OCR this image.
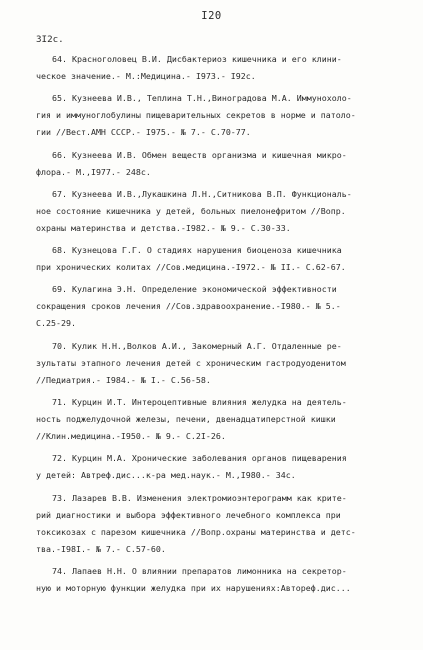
I20
3I2с.
64. Красноголовец В.И. Дисбактериоз кишечника и его клини-
ческое значение.- М.:Медицина.- I973.- I92с.
65. Кузнеева И.В., Теплина Т.Н.,Виноградова М.А. Иммунохоло-
гия и иммуноглобулины пищеварительных секретов в норме и патоло-
гии //Вест.АМН СССР.- I975.- № 7.- С.70-77.
66. Кузнеева И.В. Обмен веществ организма и кишечная микро-
флора.- М.,I977.- 248с.
67. Кузнеева И.В.,Лукашкина Л.Н.,Ситникова В.П. Функциональ-
ное состояние кишечника у детей, больных пиелонефритом //Вопр.
охраны материнства и детства.-I982.- № 9.- С.30-33.
68. Кузнецова Г.Г. О стадиях нарушения биоценоза кишечника
при хронических колитах //Сов.медицина.-I972.- № II.- С.62-67.
69. Кулагина Э.Н. Определение экономической эффективности
сокращения сроков лечения //Сов.здравоохранение.-I980.- № 5.-
С.25-29.
70. Кулик Н.Н.,Волков А.И., Закомерный А.Г. Отдаленные ре-
зультаты этапного лечения детей с хроническим гастродуоденитом
//Педиатрия.- I984.- № I.- С.56-58.
71. Курцин И.Т. Интероцептивные влияния желудка на деятель-
ность поджелудочной железы, печени, двенадцатиперстной кишки
//Клин.медицина.-I950.- № 9.- С.2I-26.
72. Курцин М.А. Хронические заболевания органов пищеварения
у детей: Автреф.дис...к-ра мед.наук.- М.,I980.- 34с.
73. Лазарев В.В. Изменения электромиоэнтерограмм как крите-
рий диагностики и выбора эффективного лечебного комплекса при
токсикозах с парезом кишечника //Вопр.охраны материнства и детс-
тва.-I98I.- № 7.- С.57-60.
74. Лапаев Н.Н. О влиянии препаратов лимонника на секретор-
ную и моторную функции желудка при их нарушениях:Автореф.дис...
